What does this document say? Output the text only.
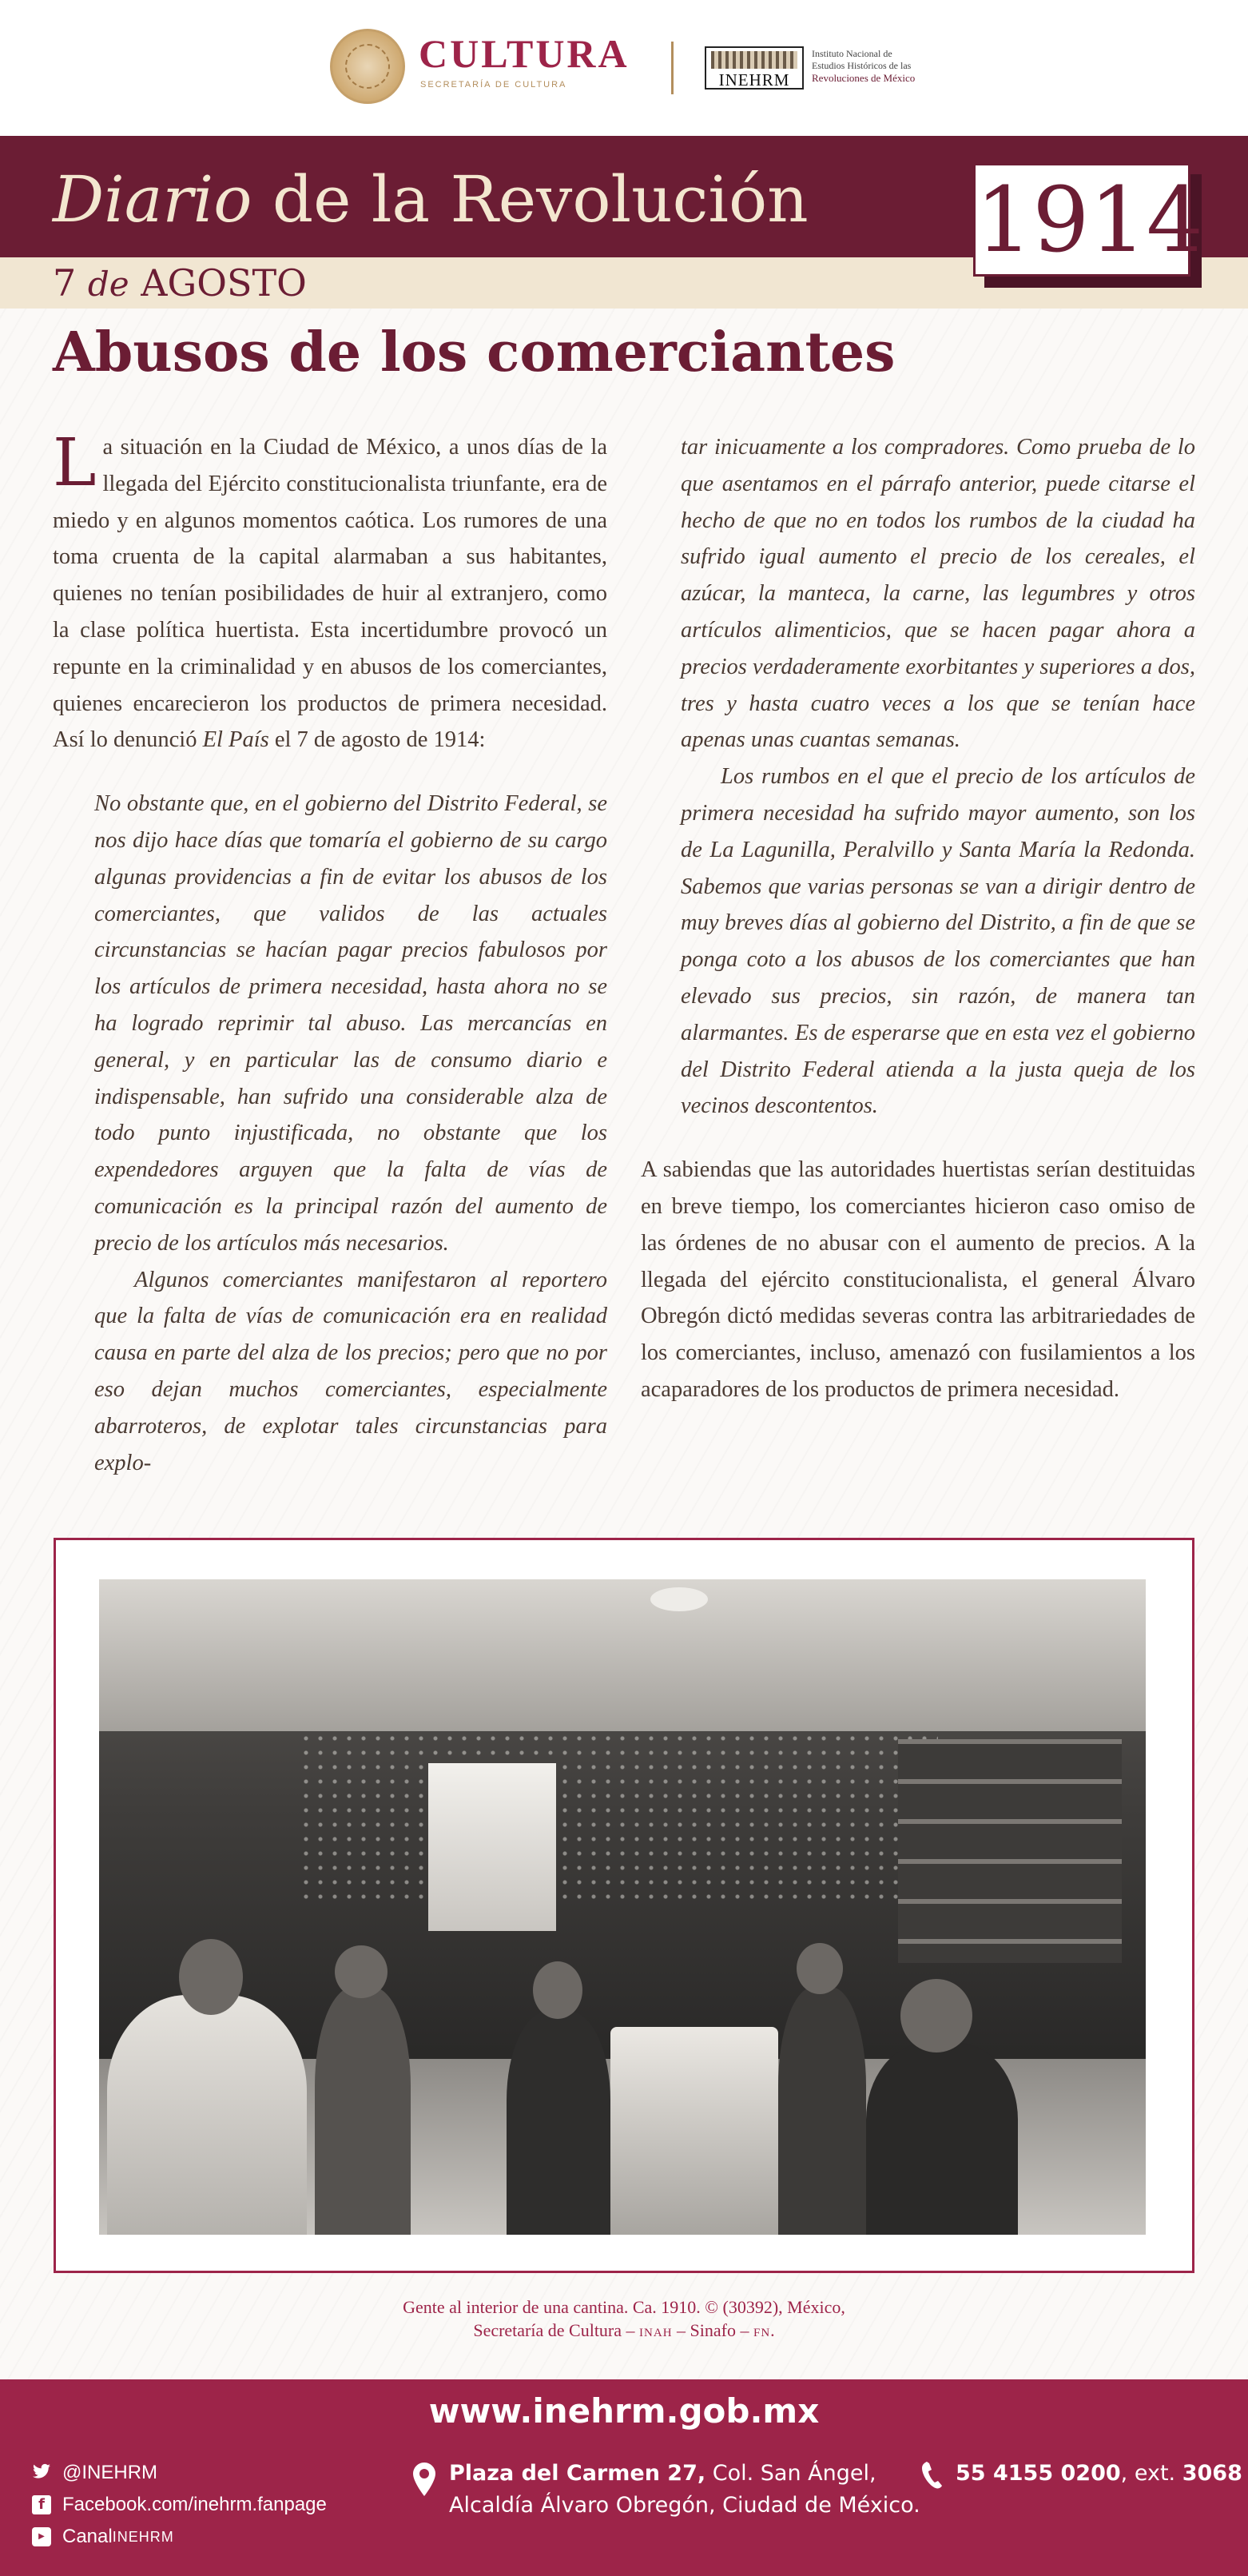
CULTURA
SECRETARÍA DE CULTURA	INEHRM
Instituto Nacional de
Estudios Históricos de las
Revoluciones de México
Diario de la Revolución
7 de AGOSTO
1914
Abusos de los comerciantes

La situación en la Ciudad de México, a unos días de la llegada del Ejército constitucionalista triunfante, era de miedo y en algunos momentos caótica. Los rumores de una toma cruenta de la capital alarmaban a sus habitantes, quienes no tenían posibilidades de huir al extranjero, como la clase política huertista. Esta incertidumbre provocó un repunte en la criminalidad y en abusos de los comerciantes, quienes encarecieron los productos de primera necesidad. Así lo denunció El País el 7 de agosto de 1914:

No obstante que, en el gobierno del Distrito Federal, se nos dijo hace días que tomaría el gobierno de su cargo algunas providencias a fin de evitar los abusos de los comerciantes, que validos de las actuales circunstancias se hacían pagar precios fabulosos por los artículos de primera necesidad, hasta ahora no se ha logrado reprimir tal abuso. Las mercancías en general, y en particular las de consumo diario e indispensable, han sufrido una considerable alza de todo punto injustificada, no obstante que los expendedores arguyen que la falta de vías de comunicación es la principal razón del aumento de precio de los artículos más necesarios.

Algunos comerciantes manifestaron al reportero que la falta de vías de comunicación era en realidad causa en parte del alza de los precios; pero que no por eso dejan muchos comerciantes, especialmente abarroteros, de explotar tales circunstancias para explo-

tar inicuamente a los compradores. Como prueba de lo que asentamos en el párrafo anterior, puede citarse el hecho de que no en todos los rumbos de la ciudad ha sufrido igual aumento el precio de los cereales, el azúcar, la manteca, la carne, las legumbres y otros artículos alimenticios, que se hacen pagar ahora a precios verdaderamente exorbitantes y superiores a dos, tres y hasta cuatro veces a los que se tenían hace apenas unas cuantas semanas.

Los rumbos en el que el precio de los artículos de primera necesidad ha sufrido mayor aumento, son los de La Lagunilla, Peralvillo y Santa María la Redonda. Sabemos que varias personas se van a dirigir dentro de muy breves días al gobierno del Distrito, a fin de que se ponga coto a los abusos de los comerciantes que han elevado sus precios, sin razón, de manera tan alarmantes. Es de esperarse que en esta vez el gobierno del Distrito Federal atienda a la justa queja de los vecinos descontentos.

A sabiendas que las autoridades huertistas serían destituidas en breve tiempo, los comerciantes hicieron caso omiso de las órdenes de no abusar con el aumento de precios. A la llegada del ejército constitucionalista, el general Álvaro Obregón dictó medidas severas contra las arbitrariedades de los comerciantes, incluso, amenazó con fusilamientos a los acaparadores de los productos de primera necesidad.

Gente al interior de una cantina. Ca. 1910. © (30392), México,
Secretaría de Cultura – INAH – Sinafo – FN.
www.inehrm.gob.mx
@INEHRM
f Facebook.com/inehrm.fanpage
▶ Canal INEHRM
Plaza del Carmen 27, Col. San Ángel,
Alcaldía Álvaro Obregón, Ciudad de México.
55 4155 0200, ext. 3068
